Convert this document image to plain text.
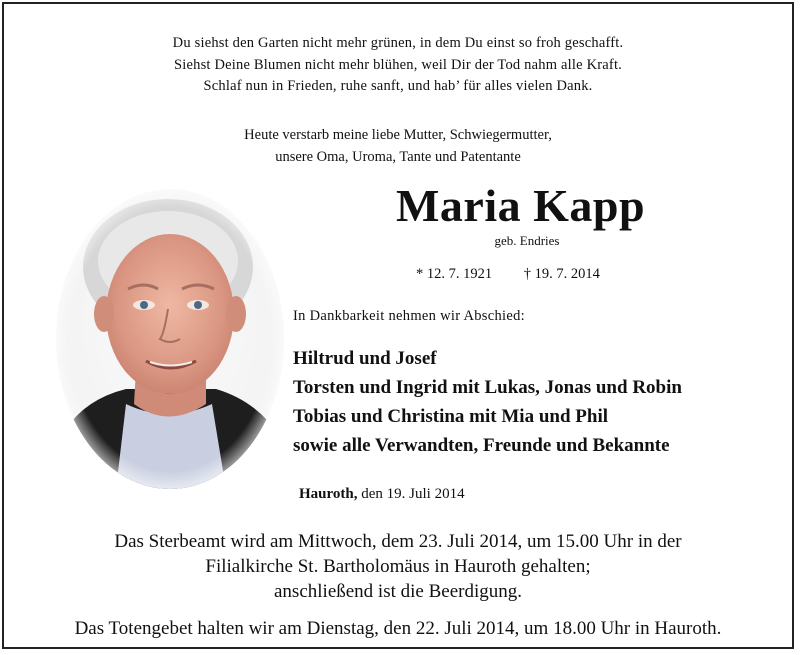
Du siehst den Garten nicht mehr grünen, in dem Du einst so froh geschafft.
Siehst Deine Blumen nicht mehr blühen, weil Dir der Tod nahm alle Kraft.
Schlaf nun in Frieden, ruhe sanft, und hab’ für alles vielen Dank.
Heute verstarb meine liebe Mutter, Schwiegermutter,
unsere Oma, Uroma, Tante und Patentante
Maria Kapp
geb. Endries
* 12. 7. 1921 † 19. 7. 2014
In Dankbarkeit nehmen wir Abschied:
Hiltrud und Josef
Torsten und Ingrid mit Lukas, Jonas und Robin
Tobias und Christina mit Mia und Phil
sowie alle Verwandten, Freunde und Bekannte
Hauroth, den 19. Juli 2014
Das Sterbeamt wird am Mittwoch, dem 23. Juli 2014, um 15.00 Uhr in der
Filialkirche St. Bartholomäus in Hauroth gehalten;
anschließend ist die Beerdigung.
Das Totengebet halten wir am Dienstag, den 22. Juli 2014, um 18.00 Uhr in Hauroth.
